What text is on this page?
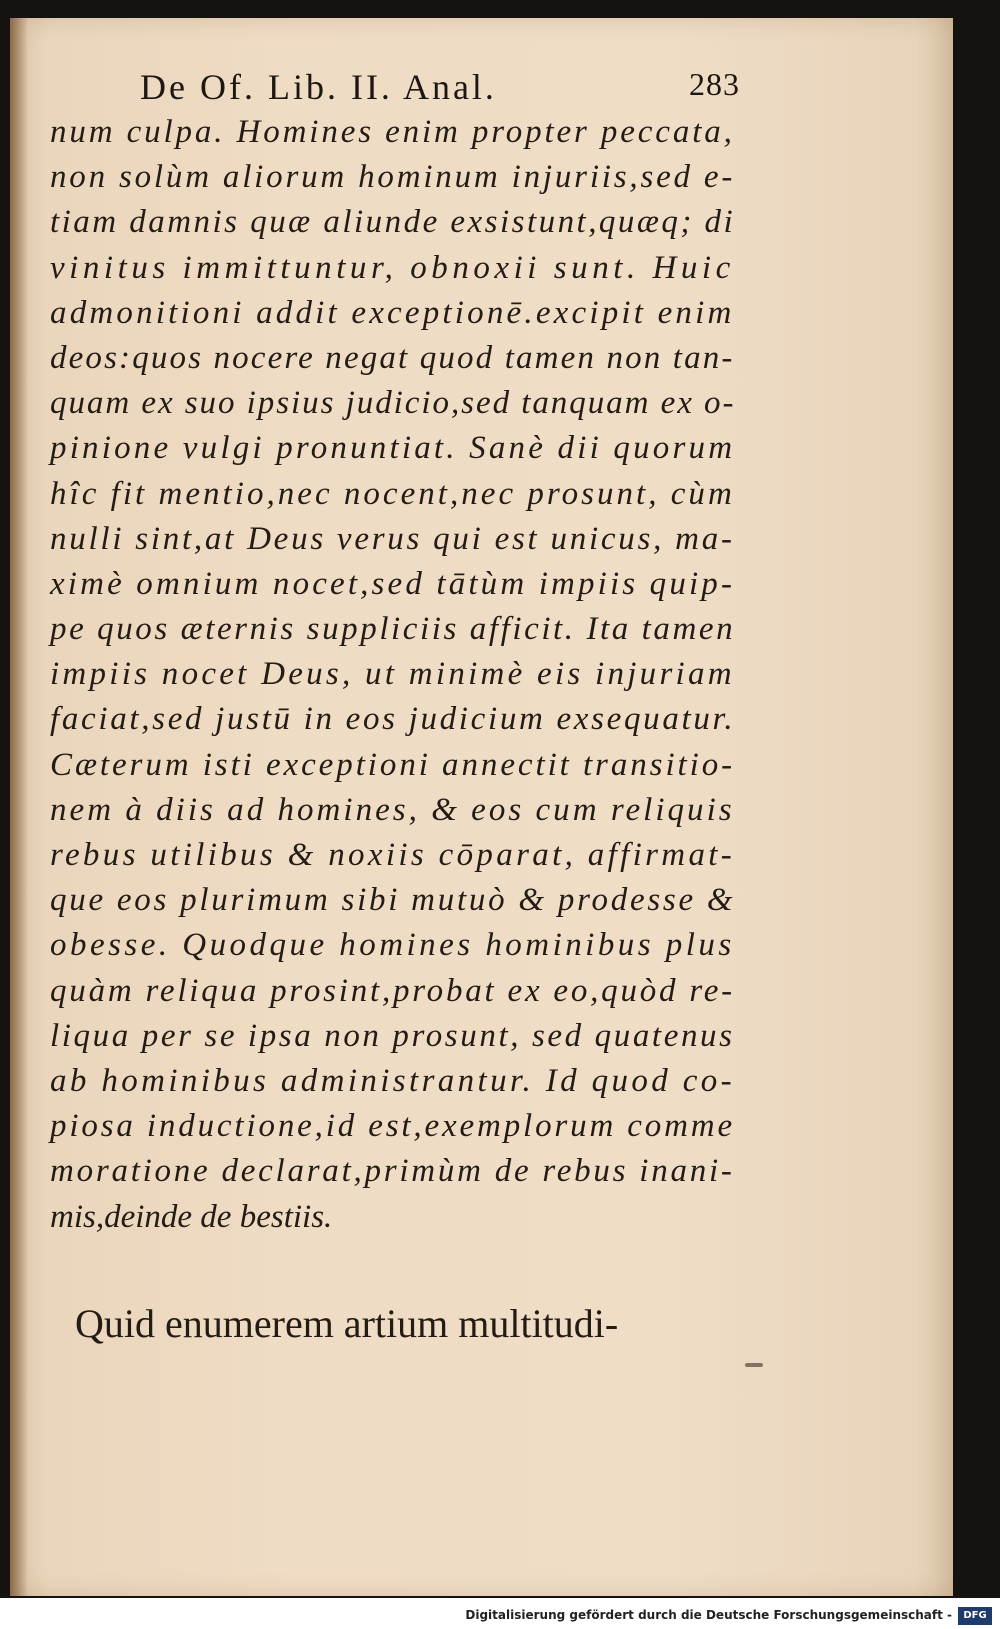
De Of. Lib. II. Anal.	283
num culpa. Homines enim propter peccata,
non solùm aliorum hominum injuriis,sed e-
tiam damnis quæ aliunde exsistunt,quæq; di
vinitus immittuntur, obnoxii sunt. Huic
admonitioni addit exceptionē.excipit enim
deos:quos nocere negat quod tamen non tan-
quam ex suo ipsius judicio,sed tanquam ex o-
pinione vulgi pronuntiat. Sanè dii quorum
hîc fit mentio,nec nocent,nec prosunt, cùm
nulli sint,at Deus verus qui est unicus, ma-
ximè omnium nocet,sed tātùm impiis quip-
pe quos æternis suppliciis afficit. Ita tamen
impiis nocet Deus, ut minimè eis injuriam
faciat,sed justū in eos judicium exsequatur.
Cæterum isti exceptioni annectit transitio-
nem à diis ad homines, & eos cum reliquis
rebus utilibus & noxiis cōparat, affirmat-
que eos plurimum sibi mutuò & prodesse &
obesse. Quodque homines hominibus plus
quàm reliqua prosint,probat ex eo,quòd re-
liqua per se ipsa non prosunt, sed quatenus
ab hominibus administrantur. Id quod co-
piosa inductione,id est,exemplorum comme
moratione declarat,primùm de rebus inani-
mis,deinde de bestiis.
Quid enumerem artium multitudi-
Digitalisierung gefördert durch die Deutsche Forschungsgemeinschaft -	DFG
